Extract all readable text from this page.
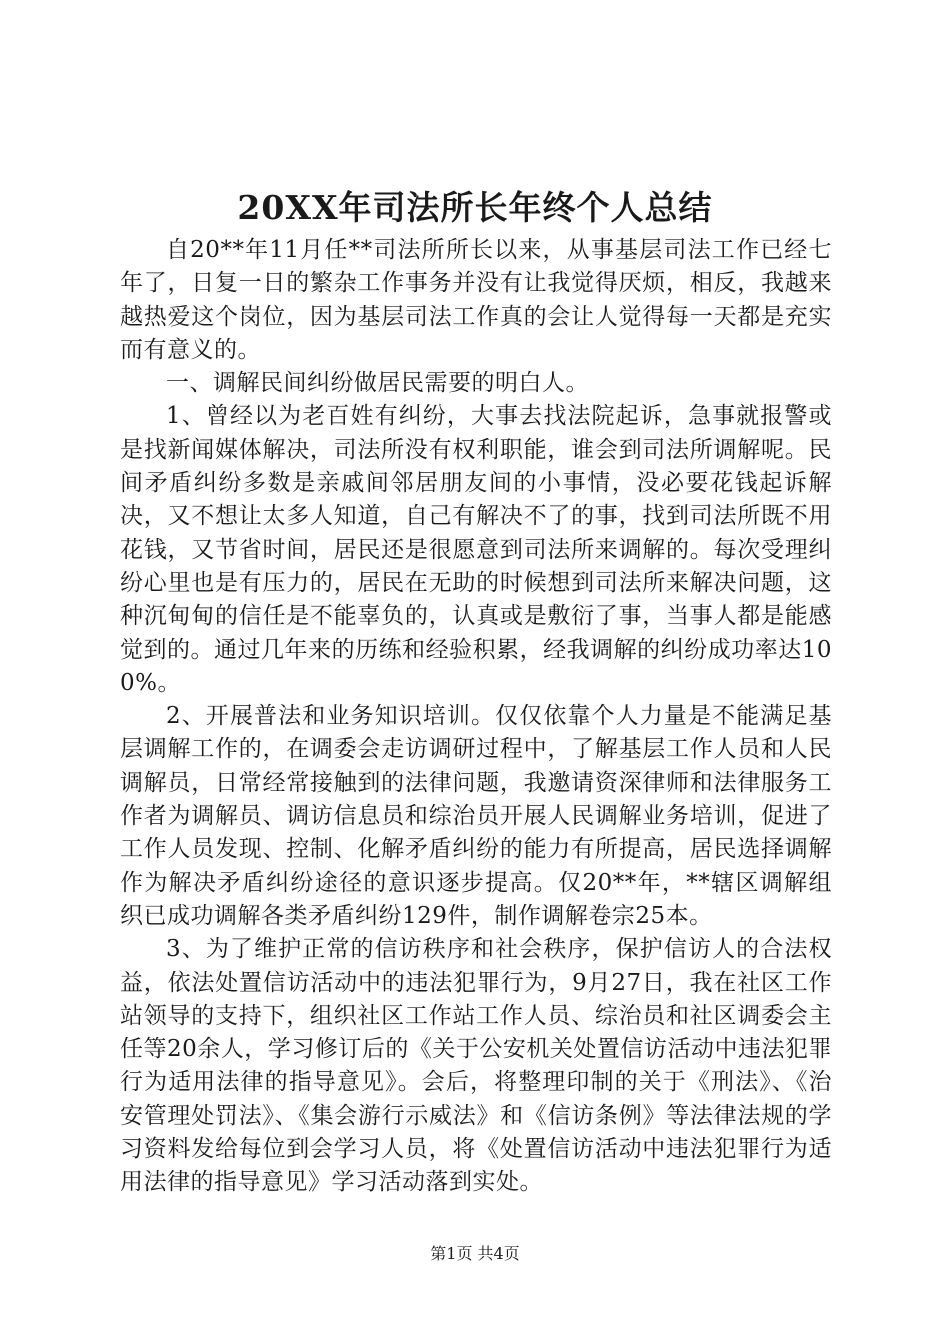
20XX年司法所长年终个人总结

自20**年11月任**司法所所长以来，从事基层司法工作已经七年了，日复一日的繁杂工作事务并没有让我觉得厌烦，相反，我越来越热爱这个岗位，因为基层司法工作真的会让人觉得每一天都是充实而有意义的。

一、调解民间纠纷做居民需要的明白人。

1、曾经以为老百姓有纠纷，大事去找法院起诉，急事就报警或是找新闻媒体解决，司法所没有权利职能，谁会到司法所调解呢。民间矛盾纠纷多数是亲戚间邻居朋友间的小事情，没必要花钱起诉解决，又不想让太多人知道，自己有解决不了的事，找到司法所既不用花钱，又节省时间，居民还是很愿意到司法所来调解的。每次受理纠纷心里也是有压力的，居民在无助的时候想到司法所来解决问题，这种沉甸甸的信任是不能辜负的，认真或是敷衍了事，当事人都是能感觉到的。通过几年来的历练和经验积累，经我调解的纠纷成功率达100%。

2、开展普法和业务知识培训。仅仅依靠个人力量是不能满足基层调解工作的，在调委会走访调研过程中，了解基层工作人员和人民调解员，日常经常接触到的法律问题，我邀请资深律师和法律服务工作者为调解员、调访信息员和综治员开展人民调解业务培训，促进了工作人员发现、控制、化解矛盾纠纷的能力有所提高，居民选择调解作为解决矛盾纠纷途径的意识逐步提高。仅20**年，**辖区调解组织已成功调解各类矛盾纠纷129件，制作调解卷宗25本。

3、为了维护正常的信访秩序和社会秩序，保护信访人的合法权益，依法处置信访活动中的违法犯罪行为，9月27日，我在社区工作站领导的支持下，组织社区工作站工作人员、综治员和社区调委会主任等20余人，学习修订后的《关于公安机关处置信访活动中违法犯罪行为适用法律的指导意见》。会后，将整理印制的关于《刑法》、《治安管理处罚法》、《集会游行示威法》和《信访条例》等法律法规的学习资料发给每位到会学习人员，将《处置信访活动中违法犯罪行为适用法律的指导意见》学习活动落到实处。

第1页 共4页
